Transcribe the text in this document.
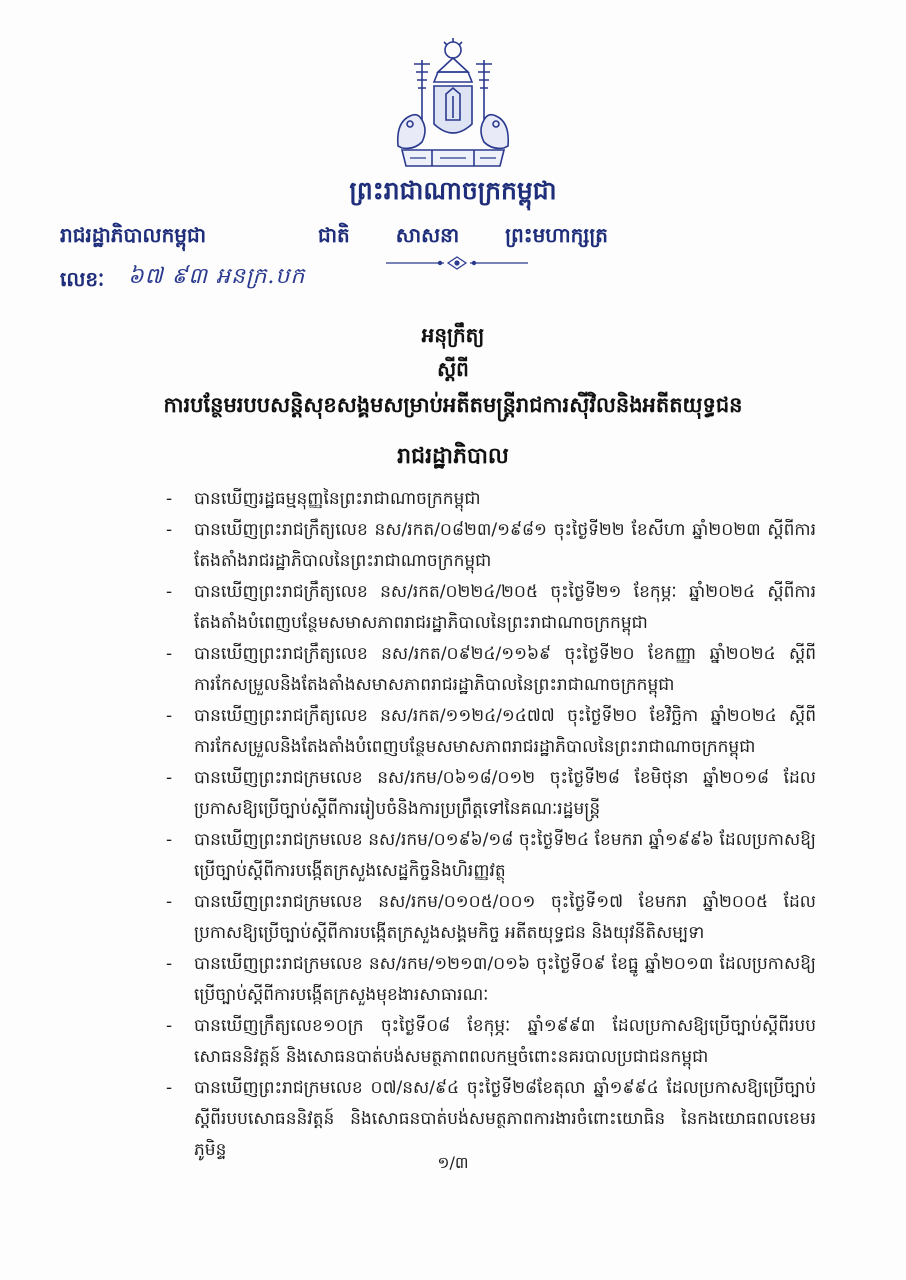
ព្រះរាជាណាចក្រកម្ពុជា
រាជរដ្ឋាភិបាលកម្ពុជា	ជាតិ សាសនា ព្រះមហាក្សត្រ
លេខៈ ៦៧ ៩៣ អនក្រ.បក
អនុក្រឹត្យ
ស្តីពី
ការបន្ថែមរបបសន្តិសុខសង្គមសម្រាប់អតីតមន្ត្រីរាជការស៊ីវិលនិងអតីតយុទ្ធជន
រាជរដ្ឋាភិបាល
- បានឃើញរដ្ឋធម្មនុញ្ញនៃព្រះរាជាណាចក្រកម្ពុជា
- បានឃើញព្រះរាជក្រឹត្យលេខ នស/រកត/០៨២៣/១៩៨១ ចុះថ្ងៃទី២២ ខែសីហា ឆ្នាំ២០២៣ ស្តីពីការតែងតាំងរាជរដ្ឋាភិបាលនៃព្រះរាជាណាចក្រកម្ពុជា
- បានឃើញព្រះរាជក្រឹត្យលេខ នស/រកត/០២២៤/២០៥ ចុះថ្ងៃទី២១ ខែកុម្ភៈ ឆ្នាំ២០២៤ ស្តីពីការតែងតាំងបំពេញបន្ថែមសមាសភាពរាជរដ្ឋាភិបាលនៃព្រះរាជាណាចក្រកម្ពុជា
- បានឃើញព្រះរាជក្រឹត្យលេខ នស/រកត/០៩២៤/១១៦៩ ចុះថ្ងៃទី២០ ខែកញ្ញា ឆ្នាំ២០២៤ ស្តីពីការកែសម្រួលនិងតែងតាំងសមាសភាពរាជរដ្ឋាភិបាលនៃព្រះរាជាណាចក្រកម្ពុជា
- បានឃើញព្រះរាជក្រឹត្យលេខ នស/រកត/១១២៤/១៤៧៧ ចុះថ្ងៃទី២០ ខែវិច្ឆិកា ឆ្នាំ២០២៤ ស្តីពីការកែសម្រួលនិងតែងតាំងបំពេញបន្ថែមសមាសភាពរាជរដ្ឋាភិបាលនៃព្រះរាជាណាចក្រកម្ពុជា
- បានឃើញព្រះរាជក្រមលេខ នស/រកម/០៦១៨/០១២ ចុះថ្ងៃទី២៨ ខែមិថុនា ឆ្នាំ២០១៨ ដែលប្រកាសឱ្យប្រើច្បាប់ស្តីពីការរៀបចំនិងការប្រព្រឹត្តទៅនៃគណៈរដ្ឋមន្ត្រី
- បានឃើញព្រះរាជក្រមលេខ នស/រកម/០១៩៦/១៨ ចុះថ្ងៃទី២៤ ខែមករា ឆ្នាំ១៩៩៦ ដែលប្រកាសឱ្យប្រើច្បាប់ស្តីពីការបង្កើតក្រសួងសេដ្ឋកិច្ចនិងហិរញ្ញវត្ថុ
- បានឃើញព្រះរាជក្រមលេខ នស/រកម/០១០៥/០០១ ចុះថ្ងៃទី១៧ ខែមករា ឆ្នាំ២០០៥ ដែលប្រកាសឱ្យប្រើច្បាប់ស្តីពីការបង្កើតក្រសួងសង្គមកិច្ច អតីតយុទ្ធជន និងយុវនីតិសម្បទា
- បានឃើញព្រះរាជក្រមលេខ នស/រកម/១២១៣/០១៦ ចុះថ្ងៃទី០៩ ខែធ្នូ ឆ្នាំ២០១៣ ដែលប្រកាសឱ្យប្រើច្បាប់ស្តីពីការបង្កើតក្រសួងមុខងារសាធារណៈ
- បានឃើញក្រឹត្យលេខ១០ក្រ ចុះថ្ងៃទី០៨ ខែកុម្ភៈ ឆ្នាំ១៩៩៣ ដែលប្រកាសឱ្យប្រើច្បាប់ស្តីពីរបបសោធននិវត្តន៍ និងសោធនបាត់បង់សមត្ថភាពពលកម្មចំពោះនគរបាលប្រជាជនកម្ពុជា
- បានឃើញព្រះរាជក្រមលេខ ០៧/នស/៩៤ ចុះថ្ងៃទី២៨ខែតុលា ឆ្នាំ១៩៩៤ ដែលប្រកាសឱ្យប្រើច្បាប់ស្តីពីរបបសោធននិវត្តន៍ និងសោធនបាត់បង់សមត្ថភាពការងារចំពោះយោធិន នៃកងយោធពលខេមរភូមិន្ទ
១/៣
